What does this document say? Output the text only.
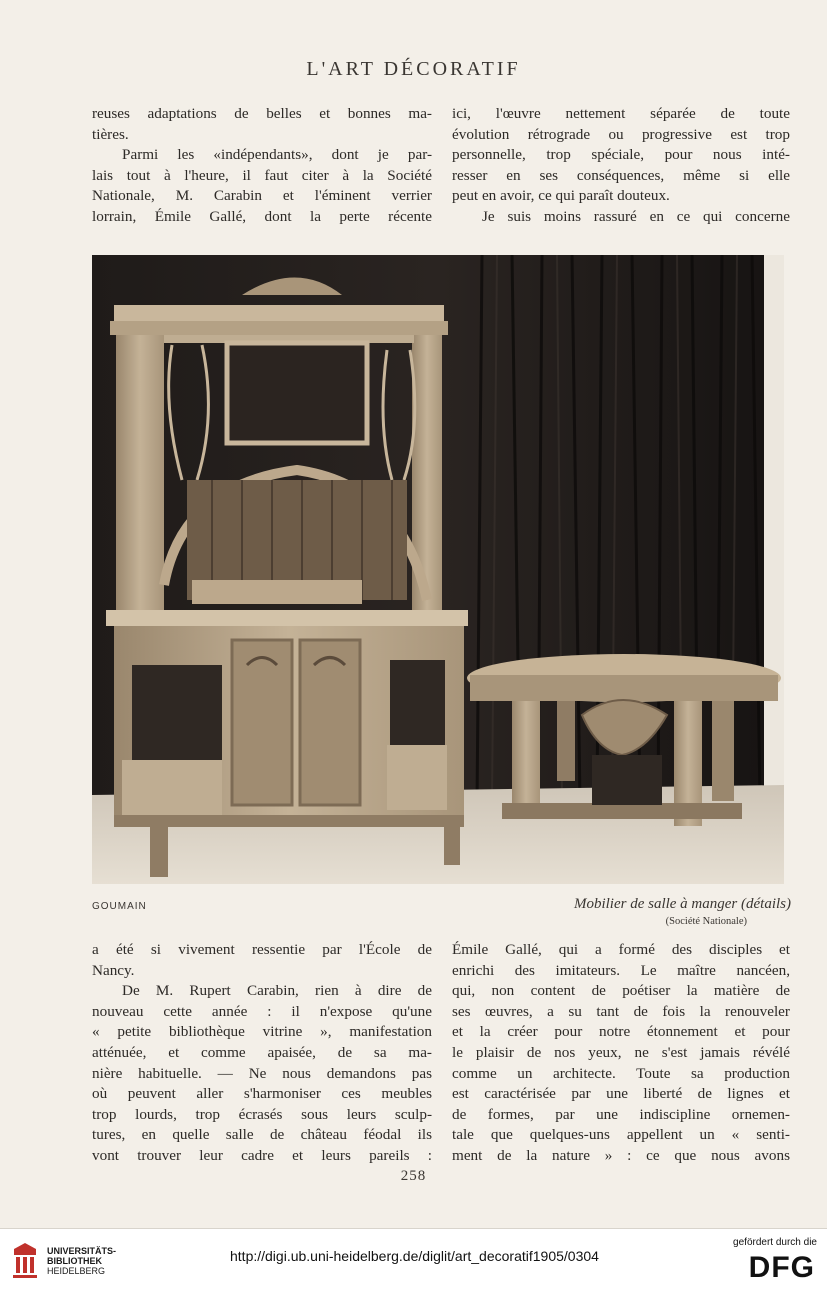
L'ART DÉCORATIF

reuses adaptations de belles et bonnes ma-

tières.

Parmi les «indépendants», dont je par-

lais tout à l'heure, il faut citer à la Société

Nationale, M. Carabin et l'éminent verrier

lorrain, Émile Gallé, dont la perte récente

ici, l'œuvre nettement séparée de toute

évolution rétrograde ou progressive est trop

personnelle, trop spéciale, pour nous inté-

resser en ses conséquences, même si elle

peut en avoir, ce qui paraît douteux.

Je suis moins rassuré en ce qui concerne

GOUMAIN	Mobilier de salle à manger (détails)
(Société Nationale)

a été si vivement ressentie par l'École de

Nancy.

De M. Rupert Carabin, rien à dire de

nouveau cette année : il n'expose qu'une

« petite bibliothèque vitrine », manifestation

atténuée, et comme apaisée, de sa ma-

nière habituelle. — Ne nous demandons pas

où peuvent aller s'harmoniser ces meubles

trop lourds, trop écrasés sous leurs sculp-

tures, en quelle salle de château féodal ils

vont trouver leur cadre et leurs pareils :

Émile Gallé, qui a formé des disciples et

enrichi des imitateurs. Le maître nancéen,

qui, non content de poétiser la matière de

ses œuvres, a su tant de fois la renouveler

et la créer pour notre étonnement et pour

le plaisir de nos yeux, ne s'est jamais révélé

comme un architecte. Toute sa production

est caractérisée par une liberté de lignes et

de formes, par une indiscipline ornemen-

tale que quelques-uns appellent un « senti-

ment de la nature » : ce que nous avons

258
UNIVERSITÄTS-
BIBLIOTHEK
HEIDELBERG
http://digi.ub.uni-heidelberg.de/diglit/art_decoratif1905/0304
gefördert durch die
DFG
